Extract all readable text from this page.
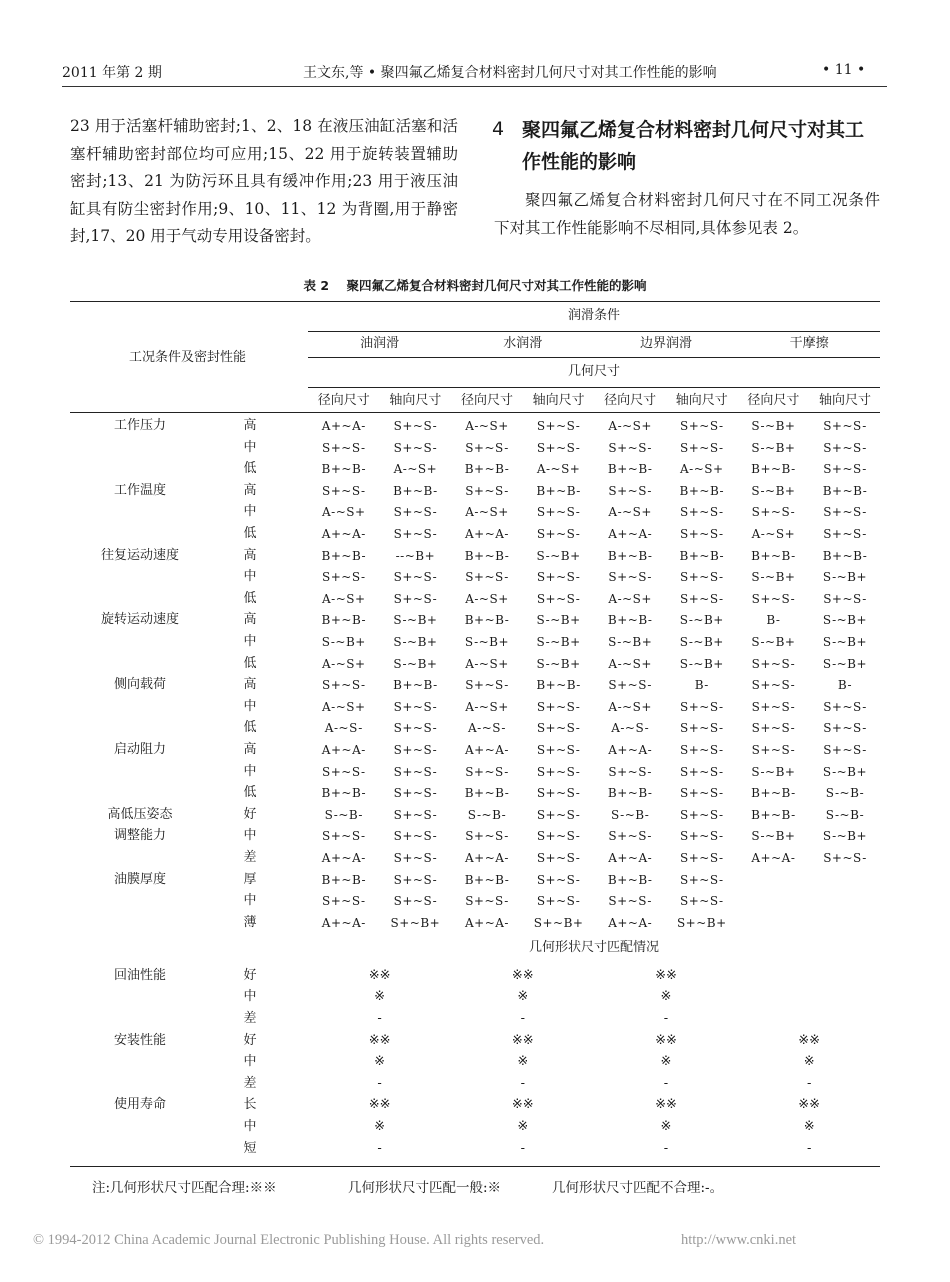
2011 年第 2 期	王文东,等 • 聚四氟乙烯复合材料密封几何尺寸对其工作性能的影响	• 11 •
23 用于活塞杆辅助密封;1、2、18 在液压油缸活塞和活塞杆辅助密封部位均可应用;15、22 用于旋转装置辅助密封;13、21 为防污环且具有缓冲作用;23 用于液压油缸具有防尘密封作用;9、10、11、12 为背圈,用于静密封,17、20 用于气动专用设备密封。
4 聚四氟乙烯复合材料密封几何尺寸对其工作性能的影响
聚四氟乙烯复合材料密封几何尺寸在不同工况条件下对其工作性能影响不尽相同,具体参见表 2。
表 2 聚四氟乙烯复合材料密封几何尺寸对其工作性能的影响
工况条件及密封性能
润滑条件
油润滑	水润滑	边界润滑	干摩擦
几何尺寸
径向尺寸	轴向尺寸	径向尺寸	轴向尺寸	径向尺寸	轴向尺寸	径向尺寸	轴向尺寸
工作压力	高	A+~A-	S+~S-	A-~S+	S+~S-	A-~S+	S+~S-	S-~B+	S+~S-
中	S+~S-	S+~S-	S+~S-	S+~S-	S+~S-	S+~S-	S-~B+	S+~S-
低	B+~B-	A-~S+	B+~B-	A-~S+	B+~B-	A-~S+	B+~B-	S+~S-
工作温度	高	S+~S-	B+~B-	S+~S-	B+~B-	S+~S-	B+~B-	S-~B+	B+~B-
中	A-~S+	S+~S-	A-~S+	S+~S-	A-~S+	S+~S-	S+~S-	S+~S-
低	A+~A-	S+~S-	A+~A-	S+~S-	A+~A-	S+~S-	A-~S+	S+~S-
往复运动速度	高	B+~B-	--~B+	B+~B-	S-~B+	B+~B-	B+~B-	B+~B-	B+~B-
中	S+~S-	S+~S-	S+~S-	S+~S-	S+~S-	S+~S-	S-~B+	S-~B+
低	A-~S+	S+~S-	A-~S+	S+~S-	A-~S+	S+~S-	S+~S-	S+~S-
旋转运动速度	高	B+~B-	S-~B+	B+~B-	S-~B+	B+~B-	S-~B+	B-	S-~B+
中	S-~B+	S-~B+	S-~B+	S-~B+	S-~B+	S-~B+	S-~B+	S-~B+
低	A-~S+	S-~B+	A-~S+	S-~B+	A-~S+	S-~B+	S+~S-	S-~B+
侧向载荷	高	S+~S-	B+~B-	S+~S-	B+~B-	S+~S-	B-	S+~S-	B-
中	A-~S+	S+~S-	A-~S+	S+~S-	A-~S+	S+~S-	S+~S-	S+~S-
低	A-~S-	S+~S-	A-~S-	S+~S-	A-~S-	S+~S-	S+~S-	S+~S-
启动阻力	高	A+~A-	S+~S-	A+~A-	S+~S-	A+~A-	S+~S-	S+~S-	S+~S-
中	S+~S-	S+~S-	S+~S-	S+~S-	S+~S-	S+~S-	S-~B+	S-~B+
低	B+~B-	S+~S-	B+~B-	S+~S-	B+~B-	S+~S-	B+~B-	S-~B-
高低压姿态
调整能力
好	S-~B-	S+~S-	S-~B-	S+~S-	S-~B-	S+~S-	B+~B-	S-~B-
中	S+~S-	S+~S-	S+~S-	S+~S-	S+~S-	S+~S-	S-~B+	S-~B+
差	A+~A-	S+~S-	A+~A-	S+~S-	A+~A-	S+~S-	A+~A-	S+~S-
油膜厚度	厚	B+~B-	S+~S-	B+~B-	S+~S-	B+~B-	S+~S-
中	S+~S-	S+~S-	S+~S-	S+~S-	S+~S-	S+~S-
薄	A+~A-	S+~B+	A+~A-	S+~B+	A+~A-	S+~B+
几何形状尺寸匹配情况
回油性能	好	※※	※※	※※
中	※	※	※
差	-	-	-
安装性能	好	※※	※※	※※	※※
中	※	※	※	※
差	-	-	-	-
使用寿命	长	※※	※※	※※	※※
中	※	※	※	※
短	-	-	-	-
注:几何形状尺寸匹配合理:※※	几何形状尺寸匹配一般:※	几何形状尺寸匹配不合理:-。
© 1994-2012 China Academic Journal Electronic Publishing House. All rights reserved.	http://www.cnki.net
